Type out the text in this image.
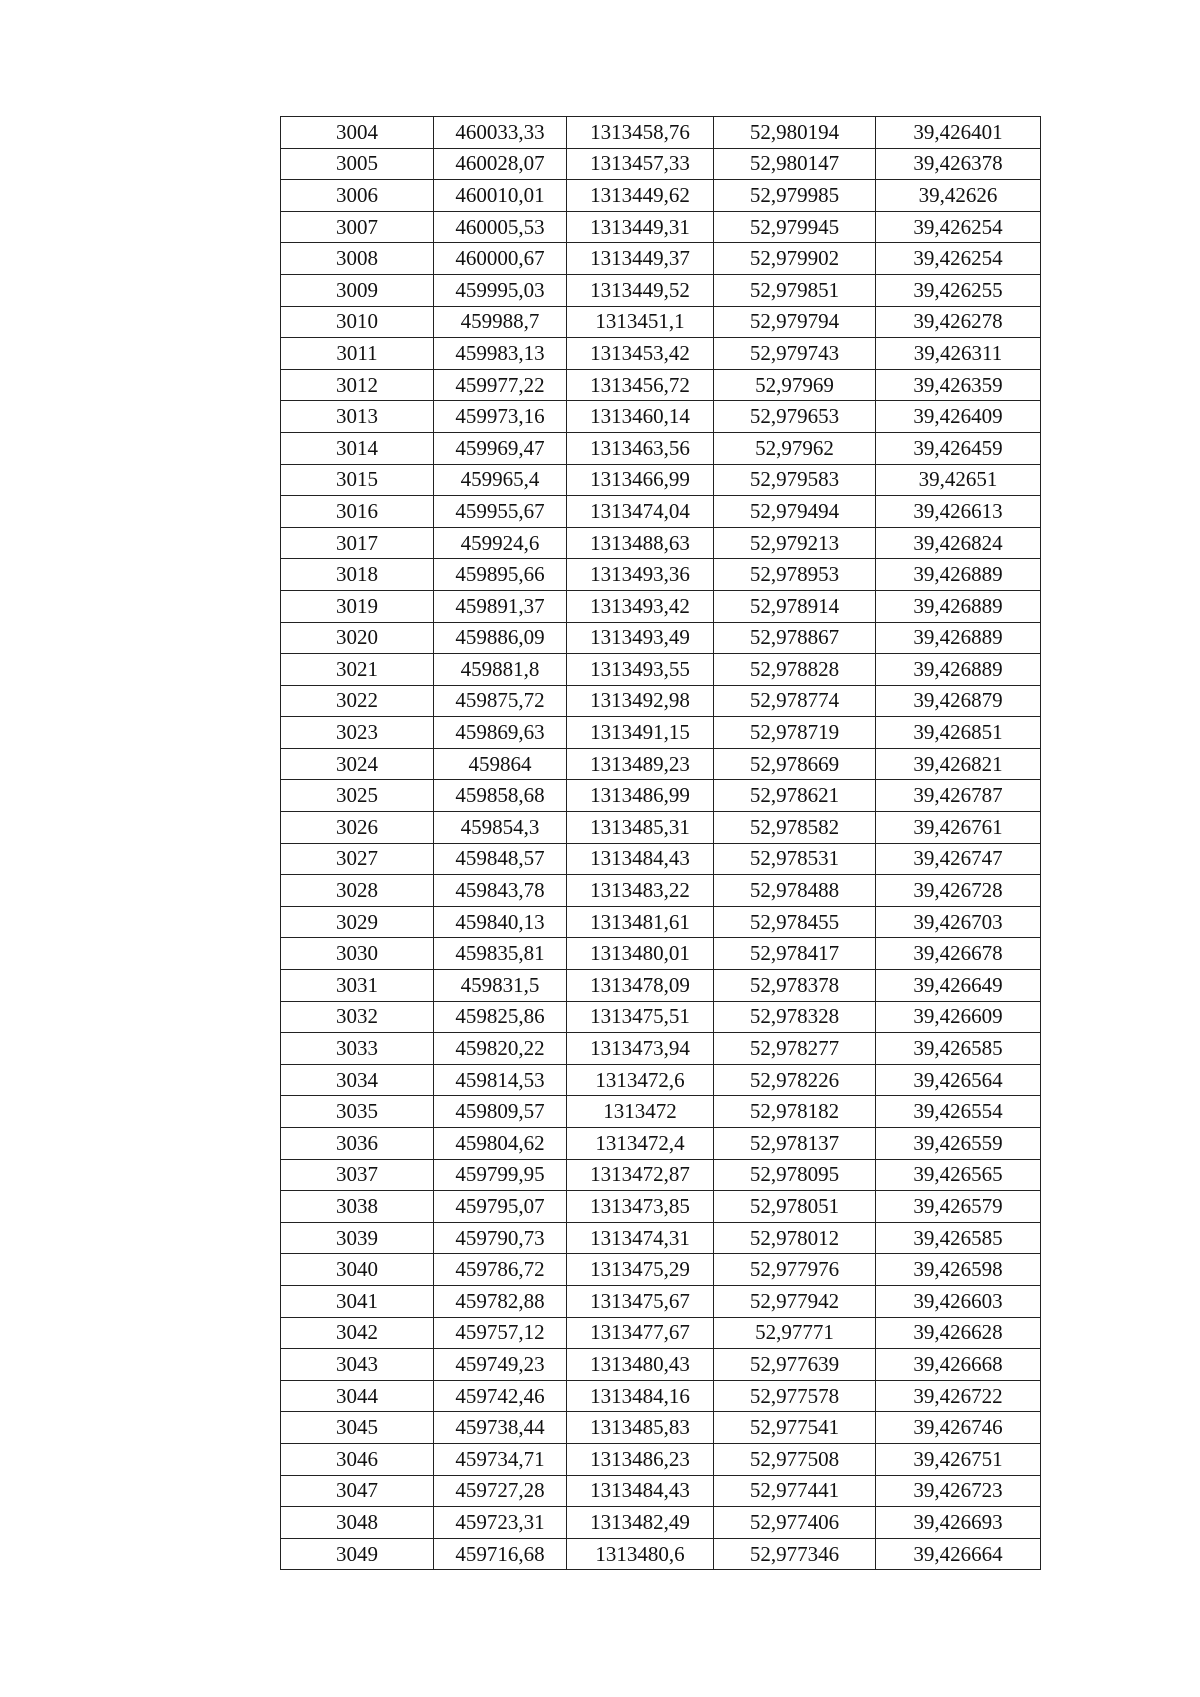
3004	460033,33	1313458,76	52,980194	39,426401
3005	460028,07	1313457,33	52,980147	39,426378
3006	460010,01	1313449,62	52,979985	39,42626
3007	460005,53	1313449,31	52,979945	39,426254
3008	460000,67	1313449,37	52,979902	39,426254
3009	459995,03	1313449,52	52,979851	39,426255
3010	459988,7	1313451,1	52,979794	39,426278
3011	459983,13	1313453,42	52,979743	39,426311
3012	459977,22	1313456,72	52,97969	39,426359
3013	459973,16	1313460,14	52,979653	39,426409
3014	459969,47	1313463,56	52,97962	39,426459
3015	459965,4	1313466,99	52,979583	39,42651
3016	459955,67	1313474,04	52,979494	39,426613
3017	459924,6	1313488,63	52,979213	39,426824
3018	459895,66	1313493,36	52,978953	39,426889
3019	459891,37	1313493,42	52,978914	39,426889
3020	459886,09	1313493,49	52,978867	39,426889
3021	459881,8	1313493,55	52,978828	39,426889
3022	459875,72	1313492,98	52,978774	39,426879
3023	459869,63	1313491,15	52,978719	39,426851
3024	459864	1313489,23	52,978669	39,426821
3025	459858,68	1313486,99	52,978621	39,426787
3026	459854,3	1313485,31	52,978582	39,426761
3027	459848,57	1313484,43	52,978531	39,426747
3028	459843,78	1313483,22	52,978488	39,426728
3029	459840,13	1313481,61	52,978455	39,426703
3030	459835,81	1313480,01	52,978417	39,426678
3031	459831,5	1313478,09	52,978378	39,426649
3032	459825,86	1313475,51	52,978328	39,426609
3033	459820,22	1313473,94	52,978277	39,426585
3034	459814,53	1313472,6	52,978226	39,426564
3035	459809,57	1313472	52,978182	39,426554
3036	459804,62	1313472,4	52,978137	39,426559
3037	459799,95	1313472,87	52,978095	39,426565
3038	459795,07	1313473,85	52,978051	39,426579
3039	459790,73	1313474,31	52,978012	39,426585
3040	459786,72	1313475,29	52,977976	39,426598
3041	459782,88	1313475,67	52,977942	39,426603
3042	459757,12	1313477,67	52,97771	39,426628
3043	459749,23	1313480,43	52,977639	39,426668
3044	459742,46	1313484,16	52,977578	39,426722
3045	459738,44	1313485,83	52,977541	39,426746
3046	459734,71	1313486,23	52,977508	39,426751
3047	459727,28	1313484,43	52,977441	39,426723
3048	459723,31	1313482,49	52,977406	39,426693
3049	459716,68	1313480,6	52,977346	39,426664
